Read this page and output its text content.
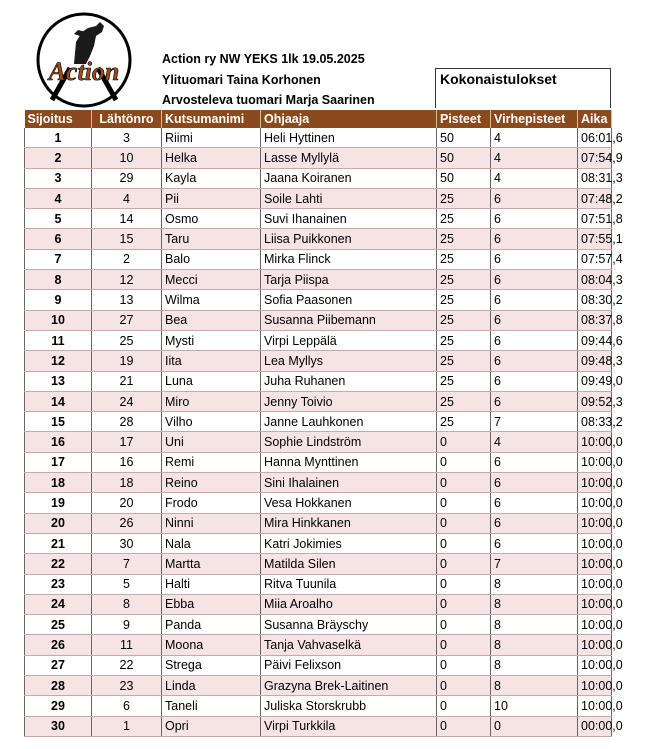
Action	Action ry NW YEKS 1lk 19.05.2025
Ylituomari Taina Korhonen
Arvosteleva tuomari Marja Saarinen
Kokonaistulokset
Sijoitus	Lähtönro	Kutsumanimi	Ohjaaja	Pisteet	Virhepisteet	Aika
1	3	Riimi	Heli Hyttinen	50	4	06:01,6
2	10	Helka	Lasse Myllylä	50	4	07:54,9
3	29	Kayla	Jaana Koiranen	50	4	08:31,3
4	4	Pii	Soile Lahti	25	6	07:48,2
5	14	Osmo	Suvi Ihanainen	25	6	07:51,8
6	15	Taru	Liisa Puikkonen	25	6	07:55,1
7	2	Balo	Mirka Flinck	25	6	07:57,4
8	12	Mecci	Tarja Piispa	25	6	08:04,3
9	13	Wilma	Sofia Paasonen	25	6	08:30,2
10	27	Bea	Susanna Piibemann	25	6	08:37,8
11	25	Mysti	Virpi Leppälä	25	6	09:44,6
12	19	Iita	Lea Myllys	25	6	09:48,3
13	21	Luna	Juha Ruhanen	25	6	09:49,0
14	24	Miro	Jenny Toivio	25	6	09:52,3
15	28	Vilho	Janne Lauhkonen	25	7	08:33,2
16	17	Uni	Sophie Lindström	0	4	10:00,0
17	16	Remi	Hanna Mynttinen	0	6	10:00,0
18	18	Reino	Sini Ihalainen	0	6	10:00,0
19	20	Frodo	Vesa Hokkanen	0	6	10:00,0
20	26	Ninni	Mira Hinkkanen	0	6	10:00,0
21	30	Nala	Katri Jokimies	0	6	10:00,0
22	7	Martta	Matilda Silen	0	7	10:00,0
23	5	Halti	Ritva Tuunila	0	8	10:00,0
24	8	Ebba	Miia Aroalho	0	8	10:00,0
25	9	Panda	Susanna Bräyschy	0	8	10:00,0
26	11	Moona	Tanja Vahvaselkä	0	8	10:00,0
27	22	Strega	Päivi Felixson	0	8	10:00,0
28	23	Linda	Grazyna Brek-Laitinen	0	8	10:00,0
29	6	Taneli	Juliska Storskrubb	0	10	10:00,0
30	1	Opri	Virpi Turkkila	0	0	00:00,0
